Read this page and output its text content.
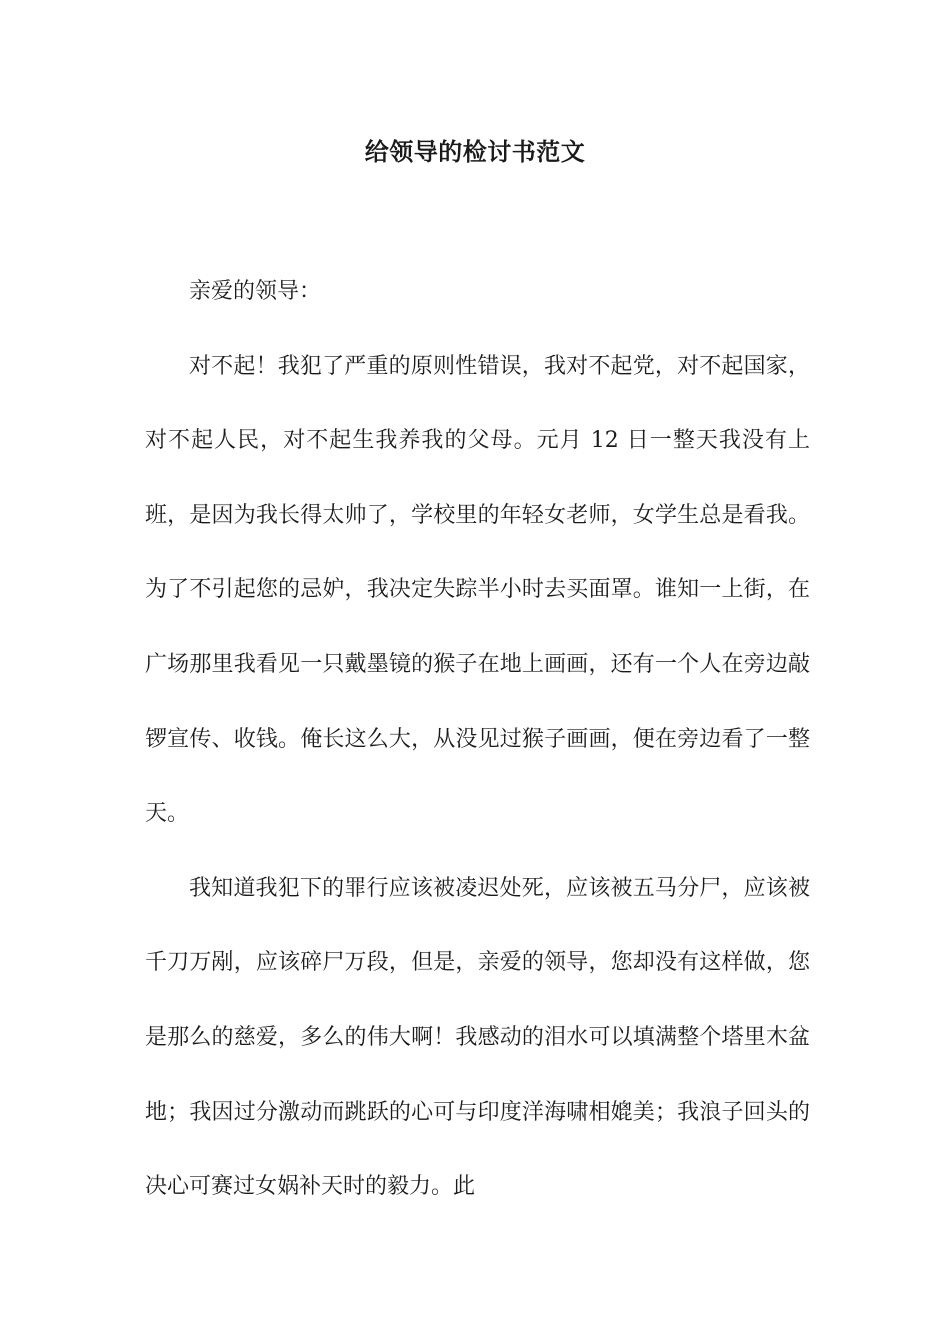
给领导的检讨书范文

亲爱的领导：

对不起！我犯了严重的原则性错误，我对不起党，对不起国家，对不起人民，对不起生我养我的父母。元月 12 日一整天我没有上班，是因为我长得太帅了，学校里的年轻女老师，女学生总是看我。为了不引起您的忌妒，我决定失踪半小时去买面罩。谁知一上街，在广场那里我看见一只戴墨镜的猴子在地上画画，还有一个人在旁边敲锣宣传、收钱。俺长这么大，从没见过猴子画画，便在旁边看了一整天。

我知道我犯下的罪行应该被凌迟处死，应该被五马分尸，应该被千刀万剐，应该碎尸万段，但是，亲爱的领导，您却没有这样做，您是那么的慈爱，多么的伟大啊！我感动的泪水可以填满整个塔里木盆地；我因过分激动而跳跃的心可与印度洋海啸相媲美；我浪子回头的决心可赛过女娲补天时的毅力。此
